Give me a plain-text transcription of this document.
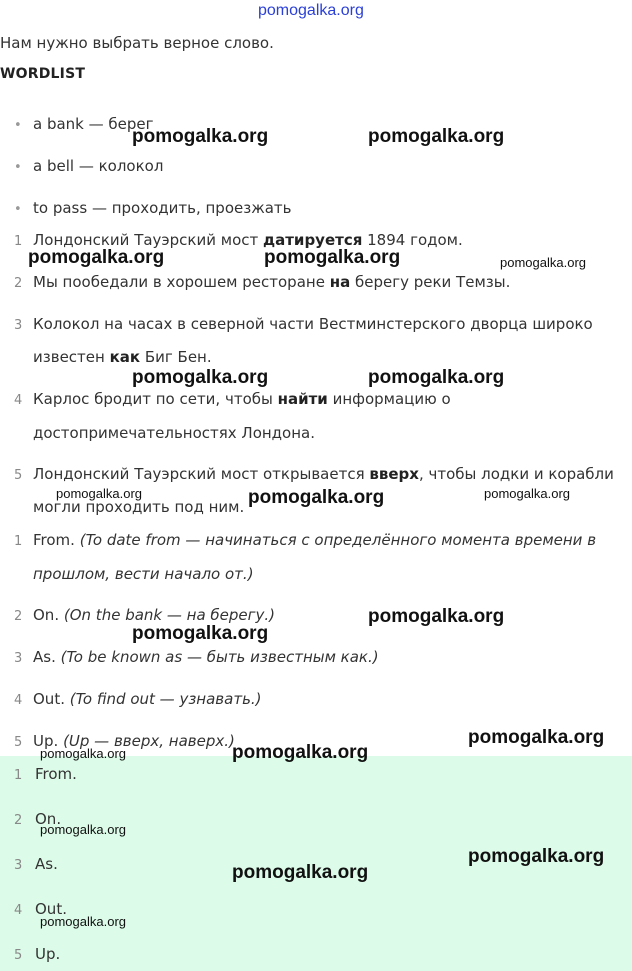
pomogalka.org
Нам нужно выбрать верное слово.
WORDLIST
• a bank — берег
• a bell — колокол
• to pass — проходить, проезжать
1 Лондонский Тауэрский мост датируется 1894 годом.
2 Мы пообедали в хорошем ресторане на берегу реки Темзы.
3 Колокол на часах в северной части Вестминстерского дворца широко
известен как Биг Бен.
4 Карлос бродит по сети, чтобы найти информацию о
достопримечательностях Лондона.
5 Лондонский Тауэрский мост открывается вверх, чтобы лодки и корабли
могли проходить под ним.
1 From. (To date from — начинаться с определённого момента времени в
прошлом, вести начало от.)
2 On. (On the bank — на берегу.)
3 As. (To be known as — быть известным как.)
4 Out. (To find out — узнавать.)
5 Up. (Up — вверх, наверх.)
1 From.
2 On.
3 As.
4 Out.
5 Up.
pomogalka.org	pomogalka.org
pomogalka.org	pomogalka.org	pomogalka.org
pomogalka.org	pomogalka.org
pomogalka.org	pomogalka.org	pomogalka.org
pomogalka.org
pomogalka.org
pomogalka.org
pomogalka.org	pomogalka.org
pomogalka.org
pomogalka.org
pomogalka.org
pomogalka.org
